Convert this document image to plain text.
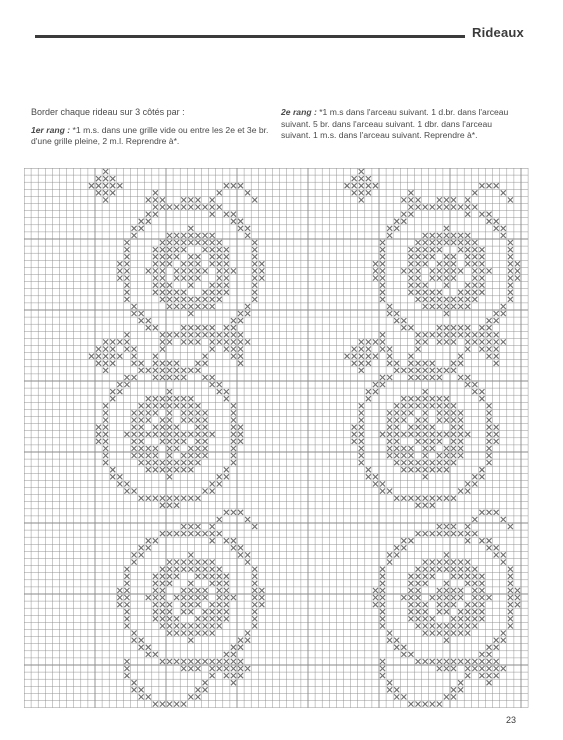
Rideaux

Border chaque rideau sur 3 côtés par :

1er rang : *1 m.s. dans une grille vide ou entre les 2e et 3e br. d'une grille pleine, 2 m.l. Reprendre à*.

2e rang : *1 m.s dans l'arceau suivant. 1 d.br. dans l'arceau suivant. 5 br. dans l'arceau suivant. 1 dbr. dans l'arceau suivant. 1 m.s. dans l'arceau suivant. Reprendre à*.

23
